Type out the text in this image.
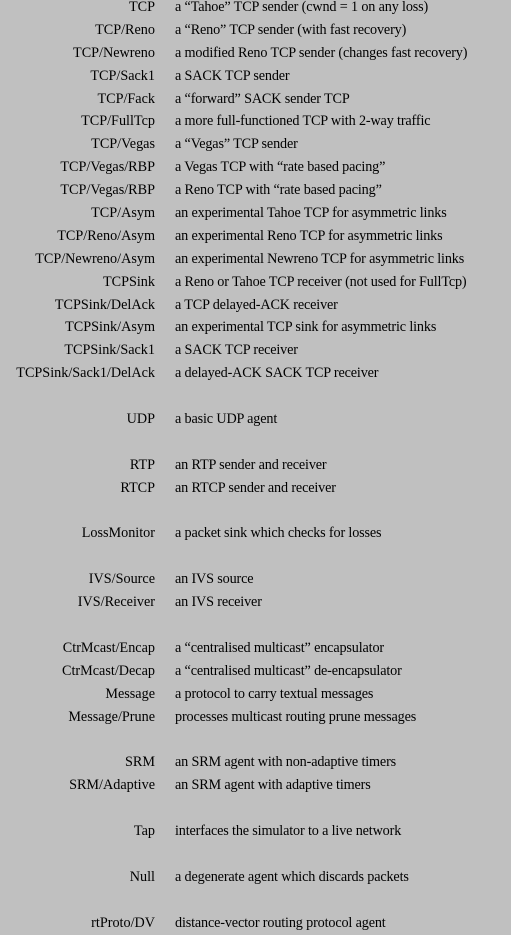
TCP a “Tahoe” TCP sender (cwnd = 1 on any loss)
TCP/Reno a “Reno” TCP sender (with fast recovery)
TCP/Newreno a modified Reno TCP sender (changes fast recovery)
TCP/Sack1 a SACK TCP sender
TCP/Fack a “forward” SACK sender TCP
TCP/FullTcp a more full-functioned TCP with 2-way traffic
TCP/Vegas a “Vegas” TCP sender
TCP/Vegas/RBP a Vegas TCP with “rate based pacing”
TCP/Vegas/RBP a Reno TCP with “rate based pacing”
TCP/Asym an experimental Tahoe TCP for asymmetric links
TCP/Reno/Asym an experimental Reno TCP for asymmetric links
TCP/Newreno/Asym an experimental Newreno TCP for asymmetric links
TCPSink a Reno or Tahoe TCP receiver (not used for FullTcp)
TCPSink/DelAck a TCP delayed-ACK receiver
TCPSink/Asym an experimental TCP sink for asymmetric links
TCPSink/Sack1 a SACK TCP receiver
TCPSink/Sack1/DelAck a delayed-ACK SACK TCP receiver
UDP a basic UDP agent
RTP an RTP sender and receiver
RTCP an RTCP sender and receiver
LossMonitor a packet sink which checks for losses
IVS/Source an IVS source
IVS/Receiver an IVS receiver
CtrMcast/Encap a “centralised multicast” encapsulator
CtrMcast/Decap a “centralised multicast” de-encapsulator
Message a protocol to carry textual messages
Message/Prune processes multicast routing prune messages
SRM an SRM agent with non-adaptive timers
SRM/Adaptive an SRM agent with adaptive timers
Tap interfaces the simulator to a live network
Null a degenerate agent which discards packets
rtProto/DV distance-vector routing protocol agent
